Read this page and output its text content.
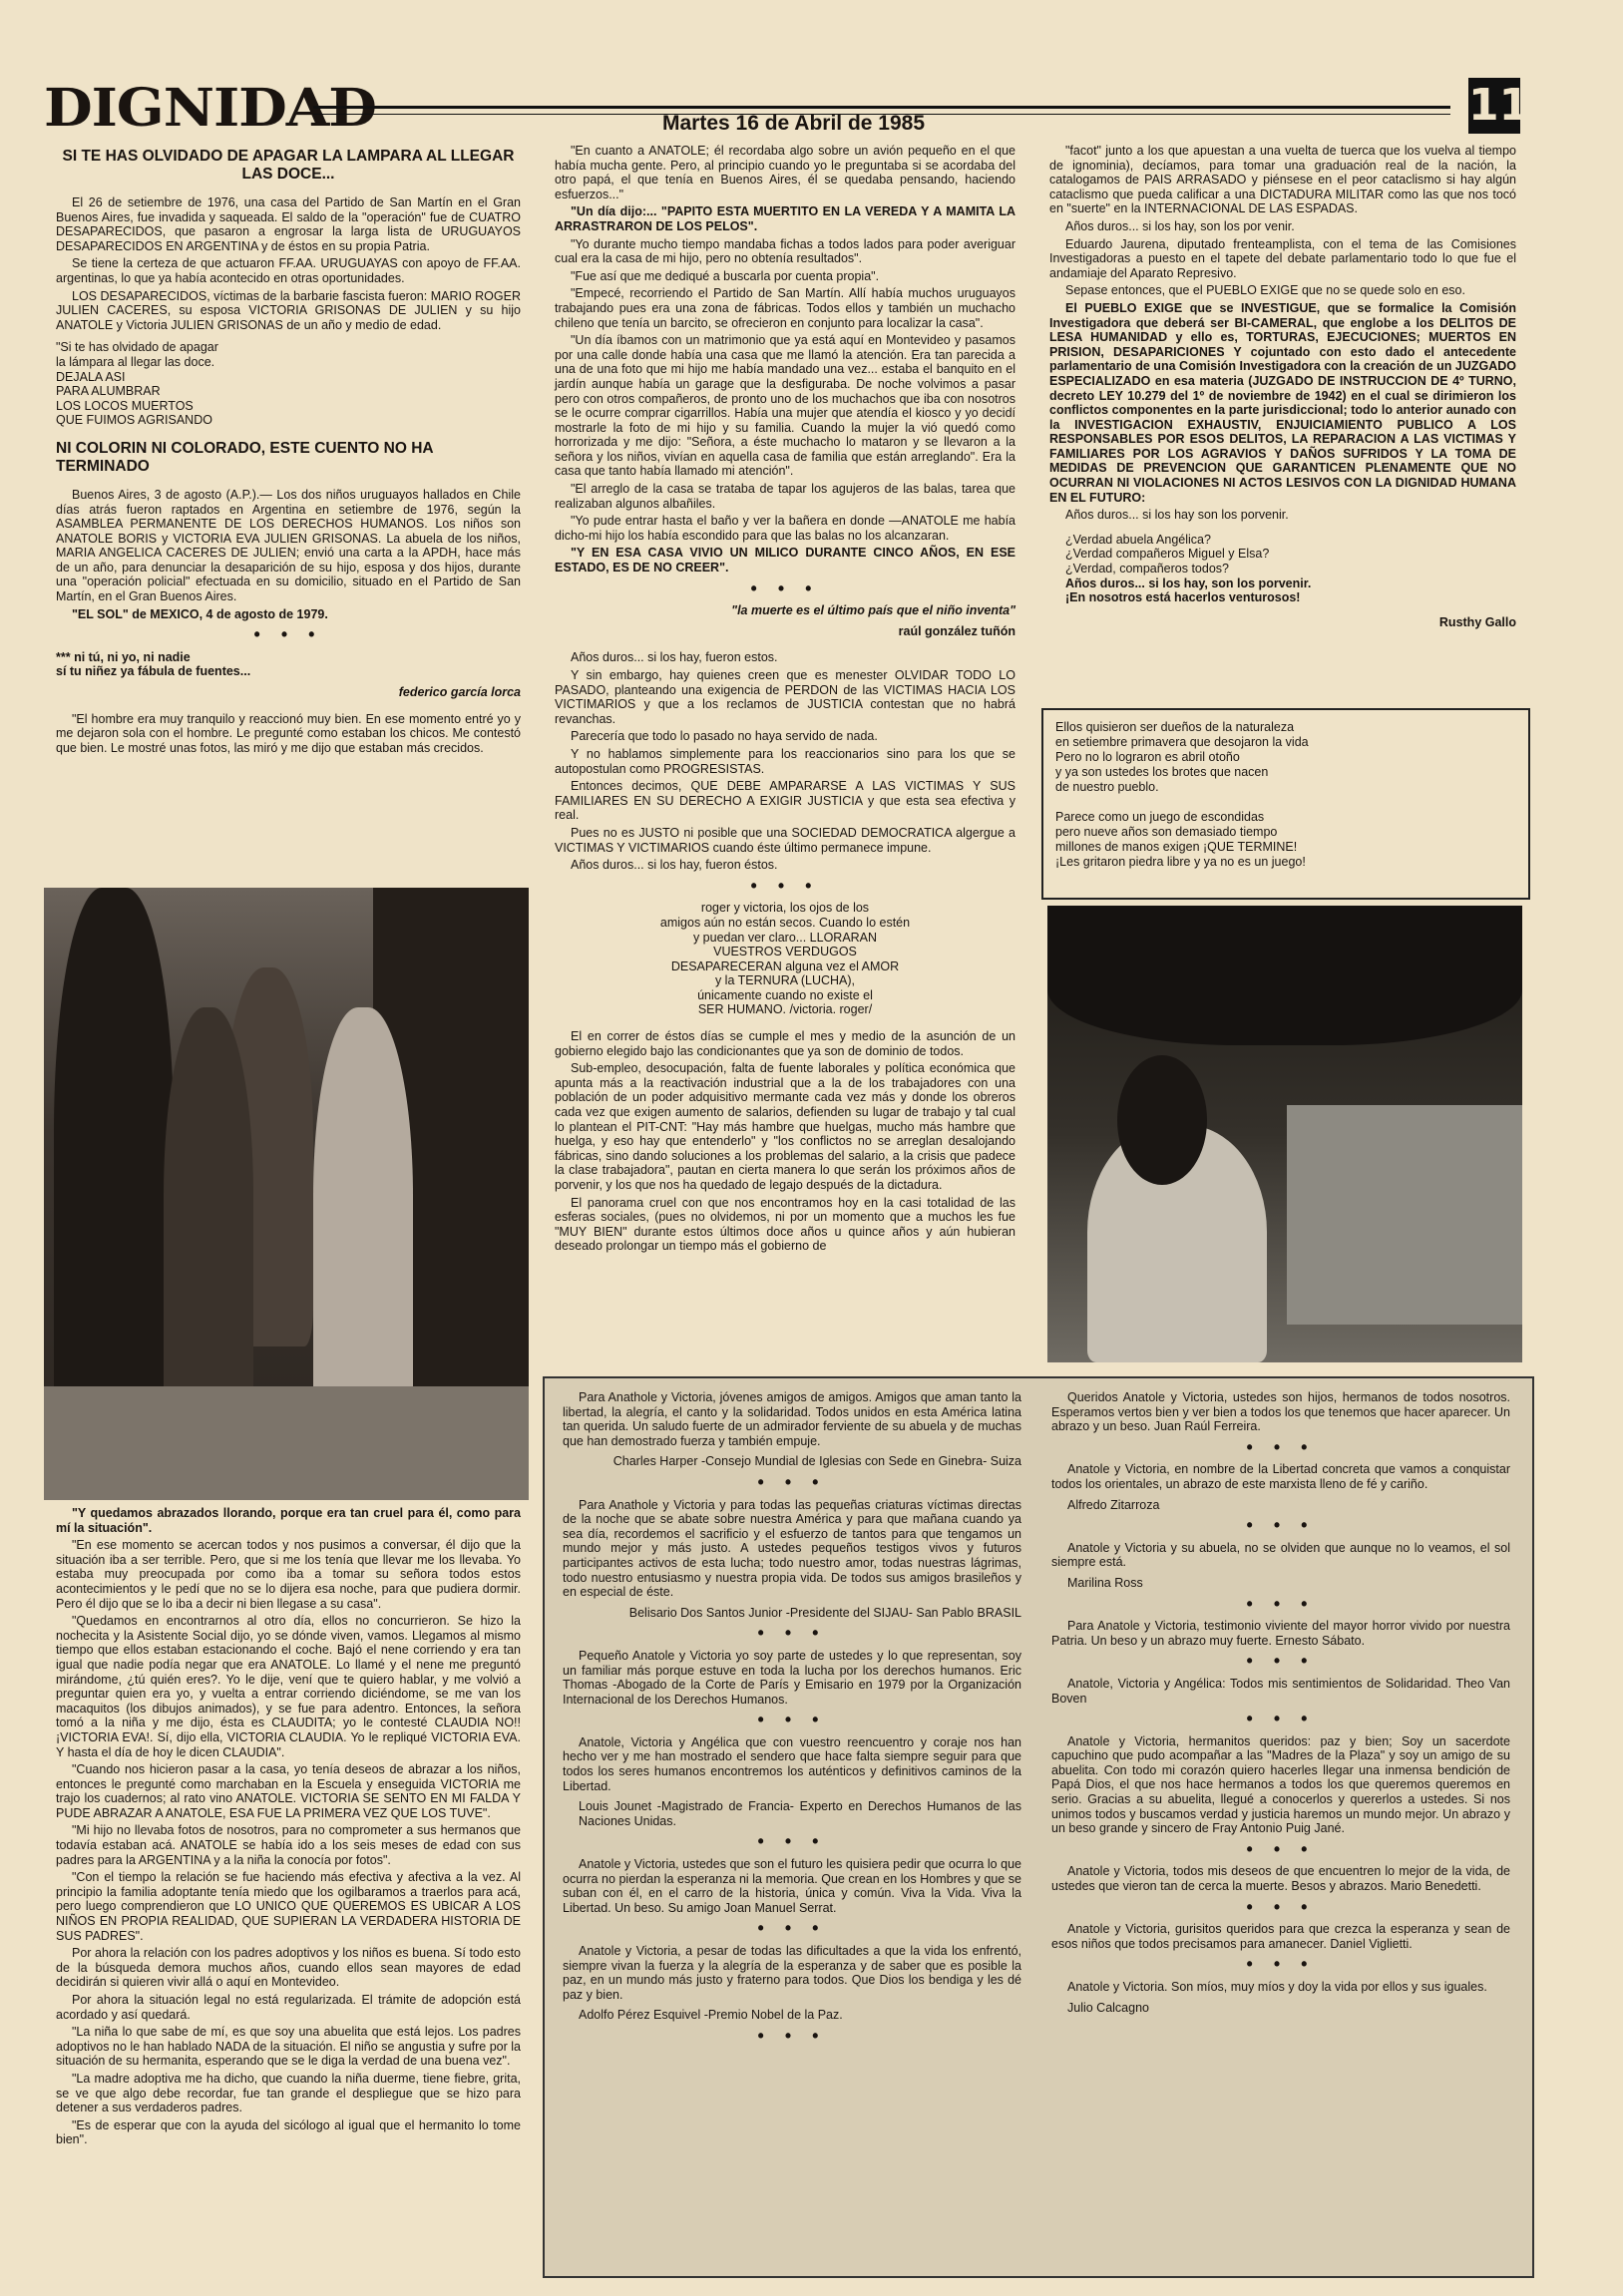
DIGNIDAD	Martes 16 de Abril de 1985	11
SI TE HAS OLVIDADO DE APAGAR LA LAMPARA AL LLEGAR LAS DOCE...

El 26 de setiembre de 1976, una casa del Partido de San Martín en el Gran Buenos Aires, fue invadida y saqueada. El saldo de la "operación" fue de CUATRO DESAPARECIDOS, que pasaron a engrosar la larga lista de URUGUAYOS DESAPARECIDOS EN ARGENTINA y de éstos en su propia Patria.

Se tiene la certeza de que actuaron FF.AA. URUGUAYAS con apoyo de FF.AA. argentinas, lo que ya había acontecido en otras oportunidades.

LOS DESAPARECIDOS, víctimas de la barbarie fascista fueron: MARIO ROGER JULIEN CACERES, su esposa VICTORIA GRISONAS DE JULIEN y su hijo ANATOLE y Victoria JULIEN GRISONAS de un año y medio de edad.

"Si te has olvidado de apagar
la lámpara al llegar las doce.
DEJALA ASI
PARA ALUMBRAR
LOS LOCOS MUERTOS
QUE FUIMOS AGRISANDO
NI COLORIN NI COLORADO, ESTE CUENTO NO HA TERMINADO

Buenos Aires, 3 de agosto (A.P.).— Los dos niños uruguayos hallados en Chile días atrás fueron raptados en Argentina en setiembre de 1976, según la ASAMBLEA PERMANENTE DE LOS DERECHOS HUMANOS. Los niños son ANATOLE BORIS y VICTORIA EVA JULIEN GRISONAS. La abuela de los niños, MARIA ANGELICA CACERES DE JULIEN; envió una carta a la APDH, hace más de un año, para denunciar la desaparición de su hijo, esposa y dos hijos, durante una "operación policial" efectuada en su domicilio, situado en el Partido de San Martín, en el Gran Buenos Aires.

"EL SOL" de MEXICO, 4 de agosto de 1979.

• • •
*** ni tú, ni yo, ni nadie
sí tu niñez ya fábula de fuentes...
federico garcía lorca

"El hombre era muy tranquilo y reaccionó muy bien. En ese momento entré yo y me dejaron sola con el hombre. Le pregunté como estaban los chicos. Me contestó que bien. Le mostré unas fotos, las miró y me dijo que estaban más crecidos.

"Y quedamos abrazados llorando, porque era tan cruel para él, como para mí la situación".

"En ese momento se acercan todos y nos pusimos a conversar, él dijo que la situación iba a ser terrible. Pero, que si me los tenía que llevar me los llevaba. Yo estaba muy preocupada por como iba a tomar su señora todos estos acontecimientos y le pedí que no se lo dijera esa noche, para que pudiera dormir. Pero él dijo que se lo iba a decir ni bien llegase a su casa".

"Quedamos en encontrarnos al otro día, ellos no concurrieron. Se hizo la nochecita y la Asistente Social dijo, yo se dónde viven, vamos. Llegamos al mismo tiempo que ellos estaban estacionando el coche. Bajó el nene corriendo y era tan igual que nadie podía negar que era ANATOLE. Lo llamé y el nene me preguntó mirándome, ¿tú quién eres?. Yo le dije, vení que te quiero hablar, y me volvió a preguntar quien era yo, y vuelta a entrar corriendo diciéndome, se me van los macaquitos (los dibujos animados), y se fue para adentro. Entonces, la señora tomó a la niña y me dijo, ésta es CLAUDITA; yo le contesté CLAUDIA NO!! ¡VICTORIA EVA!. Sí, dijo ella, VICTORIA CLAUDIA. Yo le repliqué VICTORIA EVA. Y hasta el día de hoy le dicen CLAUDIA".

"Cuando nos hicieron pasar a la casa, yo tenía deseos de abrazar a los niños, entonces le pregunté como marchaban en la Escuela y enseguida VICTORIA me trajo los cuadernos; al rato vino ANATOLE. VICTORIA SE SENTO EN MI FALDA Y PUDE ABRAZAR A ANATOLE, ESA FUE LA PRIMERA VEZ QUE LOS TUVE".

"Mi hijo no llevaba fotos de nosotros, para no comprometer a sus hermanos que todavía estaban acá. ANATOLE se había ido a los seis meses de edad con sus padres para la ARGENTINA y a la niña la conocía por fotos".

"Con el tiempo la relación se fue haciendo más efectiva y afectiva a la vez. Al principio la familia adoptante tenía miedo que los ogilbaramos a traerlos para acá, pero luego comprendieron que LO UNICO QUE QUEREMOS ES UBICAR A LOS NIÑOS EN PROPIA REALIDAD, QUE SUPIERAN LA VERDADERA HISTORIA DE SUS PADRES".

Por ahora la relación con los padres adoptivos y los niños es buena. Sí todo esto de la búsqueda demora muchos años, cuando ellos sean mayores de edad decidirán si quieren vivir allá o aquí en Montevideo.

Por ahora la situación legal no está regularizada. El trámite de adopción está acordado y así quedará.

"La niña lo que sabe de mí, es que soy una abuelita que está lejos. Los padres adoptivos no le han hablado NADA de la situación. El niño se angustia y sufre por la situación de su hermanita, esperando que se le diga la verdad de una buena vez".

"La madre adoptiva me ha dicho, que cuando la niña duerme, tiene fiebre, grita, se ve que algo debe recordar, fue tan grande el despliegue que se hizo para detener a sus verdaderos padres.

"Es de esperar que con la ayuda del sicólogo al igual que el hermanito lo tome bien".

"En cuanto a ANATOLE; él recordaba algo sobre un avión pequeño en el que había mucha gente. Pero, al principio cuando yo le preguntaba si se acordaba del otro papá, el que tenía en Buenos Aires, él se quedaba pensando, haciendo esfuerzos..."

"Un día dijo:... "PAPITO ESTA MUERTITO EN LA VEREDA Y A MAMITA LA ARRASTRARON DE LOS PELOS".

"Yo durante mucho tiempo mandaba fichas a todos lados para poder averiguar cual era la casa de mi hijo, pero no obtenía resultados".

"Fue así que me dediqué a buscarla por cuenta propia".

"Empecé, recorriendo el Partido de San Martín. Allí había muchos uruguayos trabajando pues era una zona de fábricas. Todos ellos y también un muchacho chileno que tenía un barcito, se ofrecieron en conjunto para localizar la casa".

"Un día íbamos con un matrimonio que ya está aquí en Montevideo y pasamos por una calle donde había una casa que me llamó la atención. Era tan parecida a una de una foto que mi hijo me había mandado una vez... estaba el banquito en el jardín aunque había un garage que la desfiguraba. De noche volvimos a pasar pero con otros compañeros, de pronto uno de los muchachos que iba con nosotros se le ocurre comprar cigarrillos. Había una mujer que atendía el kiosco y yo decidí mostrarle la foto de mi hijo y su familia. Cuando la mujer la vió quedó como horrorizada y me dijo: "Señora, a éste muchacho lo mataron y se llevaron a la señora y los niños, vivían en aquella casa de familia que están arreglando". Era la casa que tanto había llamado mi atención".

"El arreglo de la casa se trataba de tapar los agujeros de las balas, tarea que realizaban algunos albañiles.

"Yo pude entrar hasta el baño y ver la bañera en donde —ANATOLE me había dicho-mi hijo los había escondido para que las balas no los alcanzaran.

"Y EN ESA CASA VIVIO UN MILICO DURANTE CINCO AÑOS, EN ESE ESTADO, ES DE NO CREER".

• • •
"la muerte es el último país que el niño inventa"
raúl gonzález tuñón

Años duros... si los hay, fueron estos.

Y sin embargo, hay quienes creen que es menester OLVIDAR TODO LO PASADO, planteando una exigencia de PERDON de las VICTIMAS HACIA LOS VICTIMARIOS y que a los reclamos de JUSTICIA contestan que no habrá revanchas.

Parecería que todo lo pasado no haya servido de nada.

Y no hablamos simplemente para los reaccionarios sino para los que se autopostulan como PROGRESISTAS.

Entonces decimos, QUE DEBE AMPARARSE A LAS VICTIMAS Y SUS FAMILIARES EN SU DERECHO A EXIGIR JUSTICIA y que esta sea efectiva y real.

Pues no es JUSTO ni posible que una SOCIEDAD DEMOCRATICA algergue a VICTIMAS Y VICTIMARIOS cuando éste último permanece impune.

Años duros... si los hay, fueron éstos.

• • •
roger y victoria, los ojos de los
amigos aún no están secos. Cuando lo estén
y puedan ver claro... LLORARAN
VUESTROS VERDUGOS
DESAPARECERAN alguna vez el AMOR
y la TERNURA (LUCHA),
únicamente cuando no existe el
SER HUMANO. /victoria. roger/

El en correr de éstos días se cumple el mes y medio de la asunción de un gobierno elegido bajo las condicionantes que ya son de dominio de todos.

Sub-empleo, desocupación, falta de fuente laborales y política económica que apunta más a la reactivación industrial que a la de los trabajadores con una población de un poder adquisitivo mermante cada vez más y donde los obreros cada vez que exigen aumento de salarios, defienden su lugar de trabajo y tal cual lo plantean el PIT-CNT: "Hay más hambre que huelgas, mucho más hambre que huelga, y eso hay que entenderlo" y "los conflictos no se arreglan desalojando fábricas, sino dando soluciones a los problemas del salario, a la crisis que padece la clase trabajadora", pautan en cierta manera lo que serán los próximos años de porvenir, y los que nos ha quedado de legajo después de la dictadura.

El panorama cruel con que nos encontramos hoy en la casi totalidad de las esferas sociales, (pues no olvidemos, ni por un momento que a muchos les fue "MUY BIEN" durante estos últimos doce años u quince años y aún hubieran deseado prolongar un tiempo más el gobierno de

"facot" junto a los que apuestan a una vuelta de tuerca que los vuelva al tiempo de ignominia), decíamos, para tomar una graduación real de la nación, la catalogamos de PAIS ARRASADO y piénsese en el peor cataclismo si hay algún cataclismo que pueda calificar a una DICTADURA MILITAR como las que nos tocó en "suerte" en la INTERNACIONAL DE LAS ESPADAS.

Años duros... si los hay, son los por venir.

Eduardo Jaurena, diputado frenteamplista, con el tema de las Comisiones Investigadoras a puesto en el tapete del debate parlamentario todo lo que fue el andamiaje del Aparato Represivo.

Sepase entonces, que el PUEBLO EXIGE que no se quede solo en eso.

El PUEBLO EXIGE que se INVESTIGUE, que se formalice la Comisión Investigadora que deberá ser BI-CAMERAL, que englobe a los DELITOS DE LESA HUMANIDAD y ello es, TORTURAS, EJECUCIONES; MUERTOS EN PRISION, DESAPARICIONES Y cojuntado con esto dado el antecedente parlamentario de una Comisión Investigadora con la creación de un JUZGADO ESPECIALIZADO en esa materia (JUZGADO DE INSTRUCCION DE 4º TURNO, decreto LEY 10.279 del 1º de noviembre de 1942) en el cual se dirimieron los conflictos componentes en la parte jurisdiccional; todo lo anterior aunado con la INVESTIGACION EXHAUSTIV, ENJUICIAMIENTO PUBLICO A LOS RESPONSABLES POR ESOS DELITOS, LA REPARACION A LAS VICTIMAS Y FAMILIARES POR LOS AGRAVIOS Y DAÑOS SUFRIDOS Y LA TOMA DE MEDIDAS DE PREVENCION QUE GARANTICEN PLENAMENTE QUE NO OCURRAN NI VIOLACIONES NI ACTOS LESIVOS CON LA DIGNIDAD HUMANA EN EL FUTURO:

Años duros... si los hay son los porvenir.

¿Verdad abuela Angélica?
¿Verdad compañeros Miguel y Elsa?
¿Verdad, compañeros todos?
Años duros... si los hay, son los porvenir.
¡En nosotros está hacerlos venturosos!
Rusthy Gallo
Ellos quisieron ser dueños de la naturaleza
en setiembre primavera que desojaron la vida
Pero no lo lograron es abril otoño
y ya son ustedes los brotes que nacen
de nuestro pueblo.

Parece como un juego de escondidas
pero nueve años son demasiado tiempo
millones de manos exigen ¡QUE TERMINE!
¡Les gritaron piedra libre y ya no es un juego!

Para Anathole y Victoria, jóvenes amigos de amigos. Amigos que aman tanto la libertad, la alegría, el canto y la solidaridad. Todos unidos en esta América latina tan querida. Un saludo fuerte de un admirador ferviente de su abuela y de muchas que han demostrado fuerza y también empuje.

Charles Harper -Consejo Mundial de Iglesias con Sede en Ginebra- Suiza

• • •

Para Anathole y Victoria y para todas las pequeñas criaturas víctimas directas de la noche que se abate sobre nuestra América y para que mañana cuando ya sea día, recordemos el sacrificio y el esfuerzo de tantos para que tengamos un mundo mejor y más justo. A ustedes pequeños testigos vivos y futuros participantes activos de esta lucha; todo nuestro amor, todas nuestras lágrimas, todo nuestro entusiasmo y nuestra propia vida. De todos sus amigos brasileños y en especial de éste.

Belisario Dos Santos Junior -Presidente del SIJAU- San Pablo BRASIL

• • •

Pequeño Anatole y Victoria yo soy parte de ustedes y lo que representan, soy un familiar más porque estuve en toda la lucha por los derechos humanos. Eric Thomas -Abogado de la Corte de París y Emisario en 1979 por la Organización Internacional de los Derechos Humanos.

• • •

Anatole, Victoria y Angélica que con vuestro reencuentro y coraje nos han hecho ver y me han mostrado el sendero que hace falta siempre seguir para que todos los seres humanos encontremos los auténticos y definitivos caminos de la Libertad.

Louis Jounet -Magistrado de Francia- Experto en Derechos Humanos de las Naciones Unidas.

• • •

Anatole y Victoria, ustedes que son el futuro les quisiera pedir que ocurra lo que ocurra no pierdan la esperanza ni la memoria. Que crean en los Hombres y que se suban con él, en el carro de la historia, única y común. Viva la Vida. Viva la Libertad. Un beso. Su amigo Joan Manuel Serrat.

• • •

Anatole y Victoria, a pesar de todas las dificultades a que la vida los enfrentó, siempre vivan la fuerza y la alegría de la esperanza y de saber que es posible la paz, en un mundo más justo y fraterno para todos. Que Dios los bendiga y les dé paz y bien.

Adolfo Pérez Esquivel -Premio Nobel de la Paz.

• • •

Queridos Anatole y Victoria, ustedes son hijos, hermanos de todos nosotros. Esperamos vertos bien y ver bien a todos los que tenemos que hacer aparecer. Un abrazo y un beso. Juan Raúl Ferreira.

• • •

Anatole y Victoria, en nombre de la Libertad concreta que vamos a conquistar todos los orientales, un abrazo de este marxista lleno de fé y cariño.

Alfredo Zitarroza

• • •

Anatole y Victoria y su abuela, no se olviden que aunque no lo veamos, el sol siempre está.

Marilina Ross

• • •

Para Anatole y Victoria, testimonio viviente del mayor horror vivido por nuestra Patria. Un beso y un abrazo muy fuerte. Ernesto Sábato.

• • •

Anatole, Victoria y Angélica: Todos mis sentimientos de Solidaridad. Theo Van Boven

• • •

Anatole y Victoria, hermanitos queridos: paz y bien; Soy un sacerdote capuchino que pudo acompañar a las "Madres de la Plaza" y soy un amigo de su abuelita. Con todo mi corazón quiero hacerles llegar una inmensa bendición de Papá Dios, el que nos hace hermanos a todos los que queremos queremos en serio. Gracias a su abuelita, llegué a conocerlos y quererlos a ustedes. Si nos unimos todos y buscamos verdad y justicia haremos un mundo mejor. Un abrazo y un beso grande y sincero de Fray Antonio Puig Jané.

• • •

Anatole y Victoria, todos mis deseos de que encuentren lo mejor de la vida, de ustedes que vieron tan de cerca la muerte. Besos y abrazos. Mario Benedetti.

• • •

Anatole y Victoria, gurisitos queridos para que crezca la esperanza y sean de esos niños que todos precisamos para amanecer. Daniel Viglietti.

• • •

Anatole y Victoria. Son míos, muy míos y doy la vida por ellos y sus iguales.

Julio Calcagno
